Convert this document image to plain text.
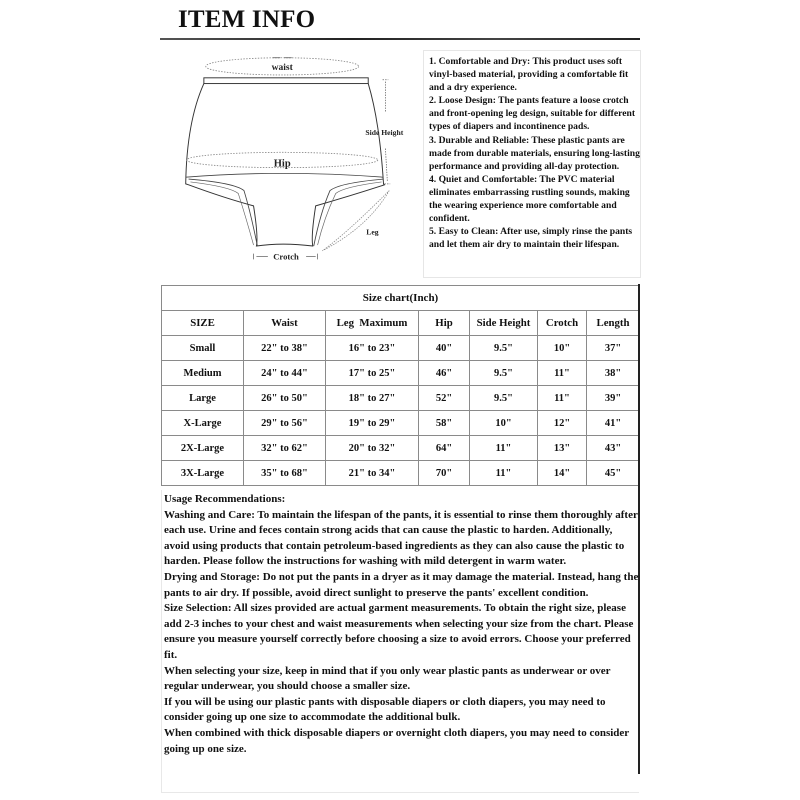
ITEM INFO
waist
Hip
Side Height
Leg
Crotch

1. Comfortable and Dry: This product uses soft vinyl-based material, providing a comfortable fit and a dry experience.

2. Loose Design: The pants feature a loose crotch and front-opening leg design, suitable for different types of diapers and incontinence pads.

3. Durable and Reliable: These plastic pants are made from durable materials, ensuring long-lasting performance and providing all-day protection.

4. Quiet and Comfortable: The PVC material eliminates embarrassing rustling sounds, making the wearing experience more comfortable and confident.

5. Easy to Clean: After use, simply rinse the pants and let them air dry to maintain their lifespan.

Size chart(Inch)						
SIZE	Waist	Leg  Maximum	Hip	Side Height	Crotch	Length
Small	22" to 38"	16" to 23"	40"	9.5"	10"	37"
Medium	24" to 44"	17" to 25"	46"	9.5"	11"	38"
Large	26" to 50"	18" to 27"	52"	9.5"	11"	39"
X-Large	29" to 56"	19" to 29"	58"	10"	12"	41"
2X-Large	32" to 62"	20" to 32"	64"	11"	13"	43"
3X-Large	35" to 68"	21" to 34"	70"	11"	14"	45"

Usage Recommendations:

Washing and Care: To maintain the lifespan of the pants, it is essential to rinse them thoroughly after each use. Urine and feces contain strong acids that can cause the plastic to harden. Additionally, avoid using products that contain petroleum-based ingredients as they can also cause the plastic to harden. Please follow the instructions for washing with mild detergent in warm water.

Drying and Storage: Do not put the pants in a dryer as it may damage the material. Instead, hang the pants to air dry. If possible, avoid direct sunlight to preserve the pants' excellent condition.

Size Selection: All sizes provided are actual garment measurements. To obtain the right size, please add 2-3 inches to your chest and waist measurements when selecting your size from the chart. Please ensure you measure yourself correctly before choosing a size to avoid errors. Choose your preferred fit.

When selecting your size, keep in mind that if you only wear plastic pants as underwear or over regular underwear, you should choose a smaller size.

If you will be using our plastic pants with disposable diapers or cloth diapers, you may need to consider going up one size to accommodate the additional bulk.

When combined with thick disposable diapers or overnight cloth diapers, you may need to consider going up one size.
